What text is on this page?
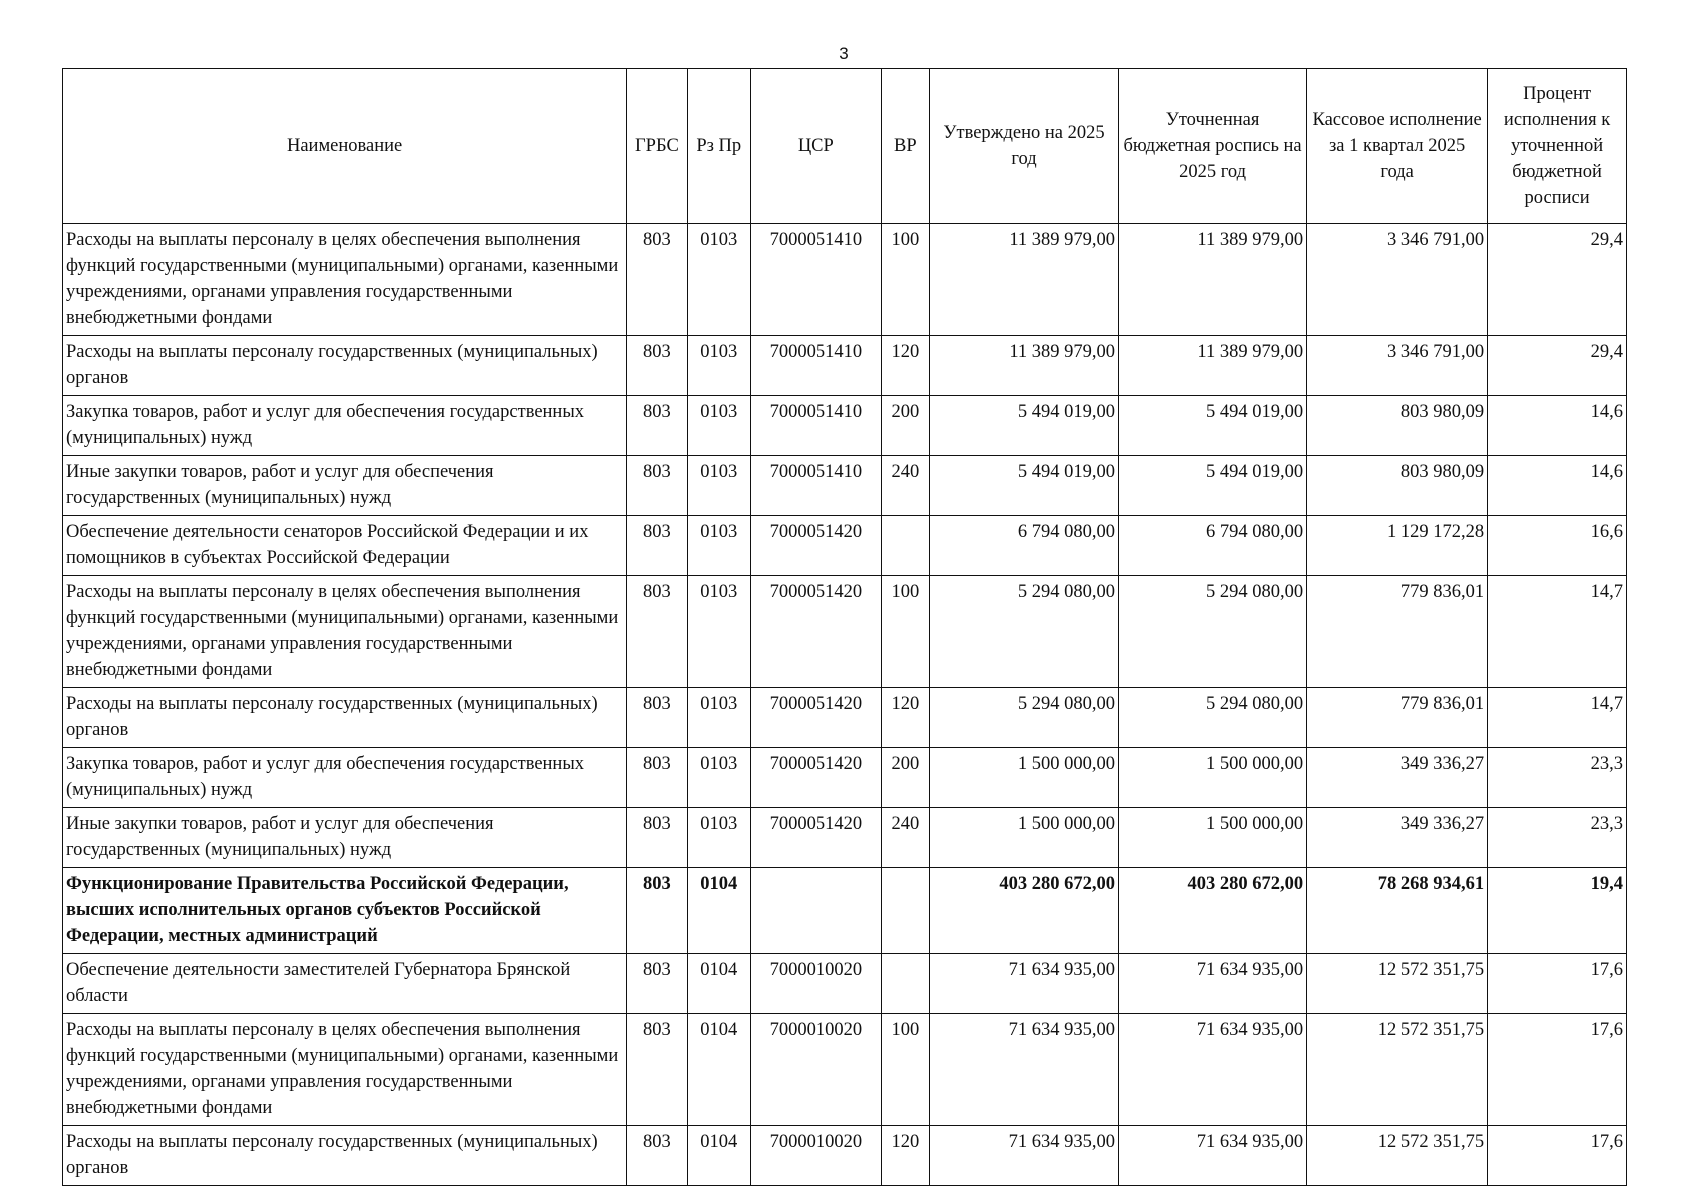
3
Наименование	ГРБС	Рз Пр	ЦСР	ВР	Утверждено на 2025 год	Уточненная бюджетная роспись на 2025 год	Кассовое исполнение за 1 квартал 2025 года	Процент исполнения к уточненной бюджетной росписи
Расходы на выплаты персоналу в целях обеспечения выполнения функций государственными (муниципальными) органами, казенными учреждениями, органами управления государственными внебюджетными фондами	803	0103	7000051410	100	11 389 979,00	11 389 979,00	3 346 791,00	29,4
Расходы на выплаты персоналу государственных (муниципальных) органов	803	0103	7000051410	120	11 389 979,00	11 389 979,00	3 346 791,00	29,4
Закупка товаров, работ и услуг для обеспечения государственных (муниципальных) нужд	803	0103	7000051410	200	5 494 019,00	5 494 019,00	803 980,09	14,6
Иные закупки товаров, работ и услуг для обеспечения государственных (муниципальных) нужд	803	0103	7000051410	240	5 494 019,00	5 494 019,00	803 980,09	14,6
Обеспечение деятельности сенаторов Российской Федерации и их помощников в субъектах Российской Федерации	803	0103	7000051420		6 794 080,00	6 794 080,00	1 129 172,28	16,6
Расходы на выплаты персоналу в целях обеспечения выполнения функций государственными (муниципальными) органами, казенными учреждениями, органами управления государственными внебюджетными фондами	803	0103	7000051420	100	5 294 080,00	5 294 080,00	779 836,01	14,7
Расходы на выплаты персоналу государственных (муниципальных) органов	803	0103	7000051420	120	5 294 080,00	5 294 080,00	779 836,01	14,7
Закупка товаров, работ и услуг для обеспечения государственных (муниципальных) нужд	803	0103	7000051420	200	1 500 000,00	1 500 000,00	349 336,27	23,3
Иные закупки товаров, работ и услуг для обеспечения государственных (муниципальных) нужд	803	0103	7000051420	240	1 500 000,00	1 500 000,00	349 336,27	23,3
Функционирование Правительства Российской Федерации, высших исполнительных органов субъектов Российской Федерации, местных администраций	803	0104			403 280 672,00	403 280 672,00	78 268 934,61	19,4
Обеспечение деятельности заместителей Губернатора Брянской области	803	0104	7000010020		71 634 935,00	71 634 935,00	12 572 351,75	17,6
Расходы на выплаты персоналу в целях обеспечения выполнения функций государственными (муниципальными) органами, казенными учреждениями, органами управления государственными внебюджетными фондами	803	0104	7000010020	100	71 634 935,00	71 634 935,00	12 572 351,75	17,6
Расходы на выплаты персоналу государственных (муниципальных) органов	803	0104	7000010020	120	71 634 935,00	71 634 935,00	12 572 351,75	17,6
